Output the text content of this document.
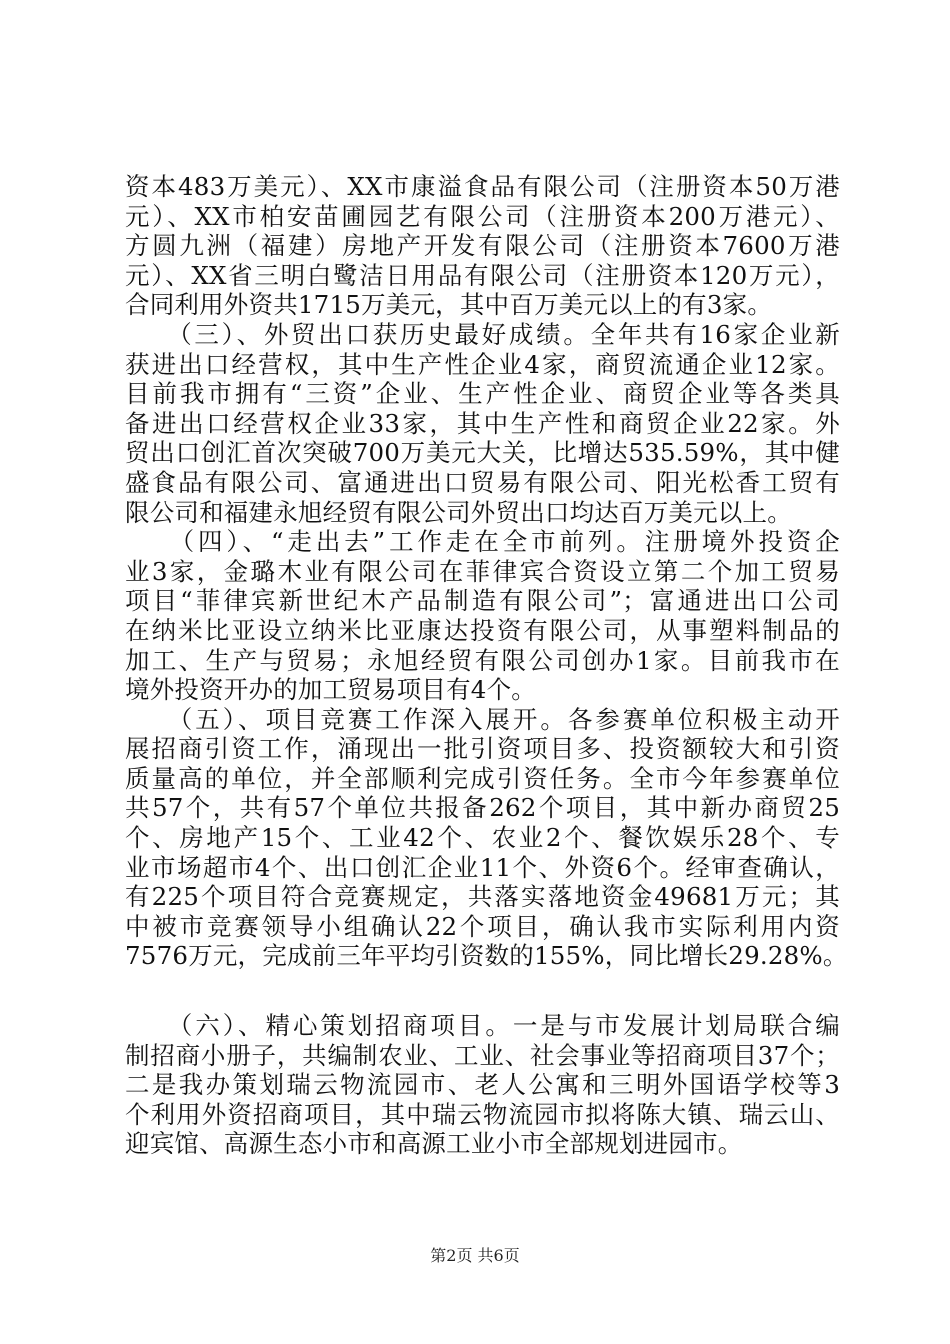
资本483万美元）、XX市康溢食品有限公司（注册资本50万港
元）、XX市柏安苗圃园艺有限公司（注册资本200万港元）、
方圆九洲（福建）房地产开发有限公司（注册资本7600万港
元）、XX省三明白鹭洁日用品有限公司（注册资本120万元），
合同利用外资共1715万美元，其中百万美元以上的有3家。
　　（三）、外贸出口获历史最好成绩。全年共有16家企业新
获进出口经营权，其中生产性企业4家，商贸流通企业12家。
目前我市拥有“三资”企业、生产性企业、商贸企业等各类具
备进出口经营权企业33家，其中生产性和商贸企业22家。外
贸出口创汇首次突破700万美元大关，比增达535.59%，其中健
盛食品有限公司、富通进出口贸易有限公司、阳光松香工贸有
限公司和福建永旭经贸有限公司外贸出口均达百万美元以上。
　　（四）、“走出去”工作走在全市前列。注册境外投资企
业3家，金璐木业有限公司在菲律宾合资设立第二个加工贸易
项目“菲律宾新世纪木产品制造有限公司”；富通进出口公司
在纳米比亚设立纳米比亚康达投资有限公司，从事塑料制品的
加工、生产与贸易；永旭经贸有限公司创办1家。目前我市在
境外投资开办的加工贸易项目有4个。
　　（五）、项目竞赛工作深入展开。各参赛单位积极主动开
展招商引资工作，涌现出一批引资项目多、投资额较大和引资
质量高的单位，并全部顺利完成引资任务。全市今年参赛单位
共57个，共有57个单位共报备262个项目，其中新办商贸25
个、房地产15个、工业42个、农业2个、餐饮娱乐28个、专
业市场超市4个、出口创汇企业11个、外资6个。经审查确认，
有225个项目符合竞赛规定，共落实落地资金49681万元；其
中被市竞赛领导小组确认22个项目，确认我市实际利用内资
7576万元，完成前三年平均引资数的155%，同比增长29.28%。
　　（六）、精心策划招商项目。一是与市发展计划局联合编
制招商小册子，共编制农业、工业、社会事业等招商项目37个；
二是我办策划瑞云物流园市、老人公寓和三明外国语学校等3
个利用外资招商项目，其中瑞云物流园市拟将陈大镇、瑞云山、
迎宾馆、高源生态小市和高源工业小市全部规划进园市。
第2页 共6页
